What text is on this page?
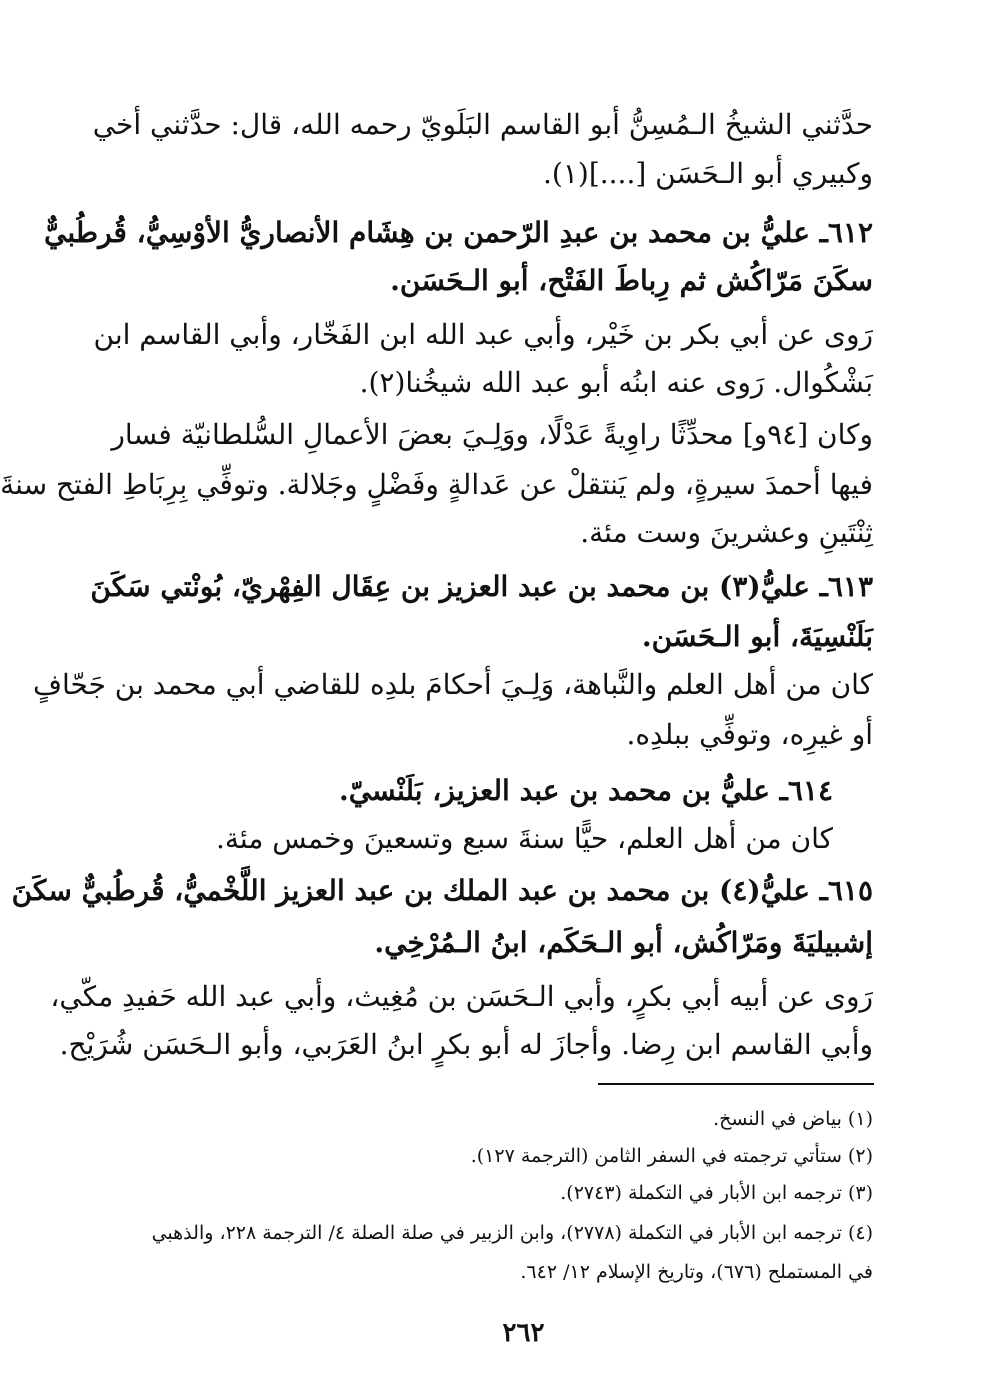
حدَّثني الشيخُ الـمُسِنُّ أبو القاسم البَلَويّ رحمه الله، قال: حدَّثني أخي
وكبيري أبو الـحَسَن [....](١).
٦١٢ـ عليُّ بن محمد بن عبدِ الرّحمن بن هِشَام الأنصاريُّ الأوْسِيُّ، قُرطُبيٌّ
سكَنَ مَرّاكُش ثم رِباطَ الفَتْح، أبو الـحَسَن.
رَوى عن أبي بكر بن خَيْر، وأبي عبد الله ابن الفَخّار، وأبي القاسم ابن
بَشْكُوال. رَوى عنه ابنُه أبو عبد الله شيخُنا(٢).
وكان [٩٤و] محدِّثًا راوِيةً عَدْلًا، ووَلِـيَ بعضَ الأعمالِ السُّلطانيّة فسار
فيها أحمدَ سيرةٍ، ولم يَنتقلْ عن عَدالةٍ وفَضْلٍ وجَلالة. وتوفِّي بِرِبَاطِ الفتح سنةَ
ثِنْتَينِ وعشرينَ وست مئة.
٦١٣ـ عليُّ(٣) بن محمد بن عبد العزيز بن عِقَال الفِهْريّ، بُونْتي سَكَنَ
بَلَنْسِيَةَ، أبو الـحَسَن.
كان من أهل العلم والنَّباهة، وَلِـيَ أحكامَ بلدِه للقاضي أبي محمد بن جَحّافٍ
أو غيرِه، وتوفِّي ببلدِه.
٦١٤ـ عليُّ بن محمد بن عبد العزيز، بَلَنْسيّ.
كان من أهل العلم، حيًّا سنةَ سبع وتسعينَ وخمس مئة.
٦١٥ـ عليُّ(٤) بن محمد بن عبد الملك بن عبد العزيز اللَّخْميُّ، قُرطُبيٌّ سكَنَ
إشبيليَةَ ومَرّاكُش، أبو الـحَكَم، ابنُ الـمُرْخِي.
رَوى عن أبيه أبي بكرٍ، وأبي الـحَسَن بن مُغِيث، وأبي عبد الله حَفيدِ مكّي،
وأبي القاسم ابن رِضا. وأجازَ له أبو بكرٍ ابنُ العَرَبي، وأبو الـحَسَن شُرَيْح.
(١) بياض في النسخ.
(٢) ستأتي ترجمته في السفر الثامن (الترجمة ١٢٧).
(٣) ترجمه ابن الأبار في التكملة (٢٧٤٣).
(٤) ترجمه ابن الأبار في التكملة (٢٧٧٨)، وابن الزبير في صلة الصلة ٤/ الترجمة ٢٢٨، والذهبي
في المستملح (٦٧٦)، وتاريخ الإسلام ١٢/ ٦٤٢.
٢٦٢
